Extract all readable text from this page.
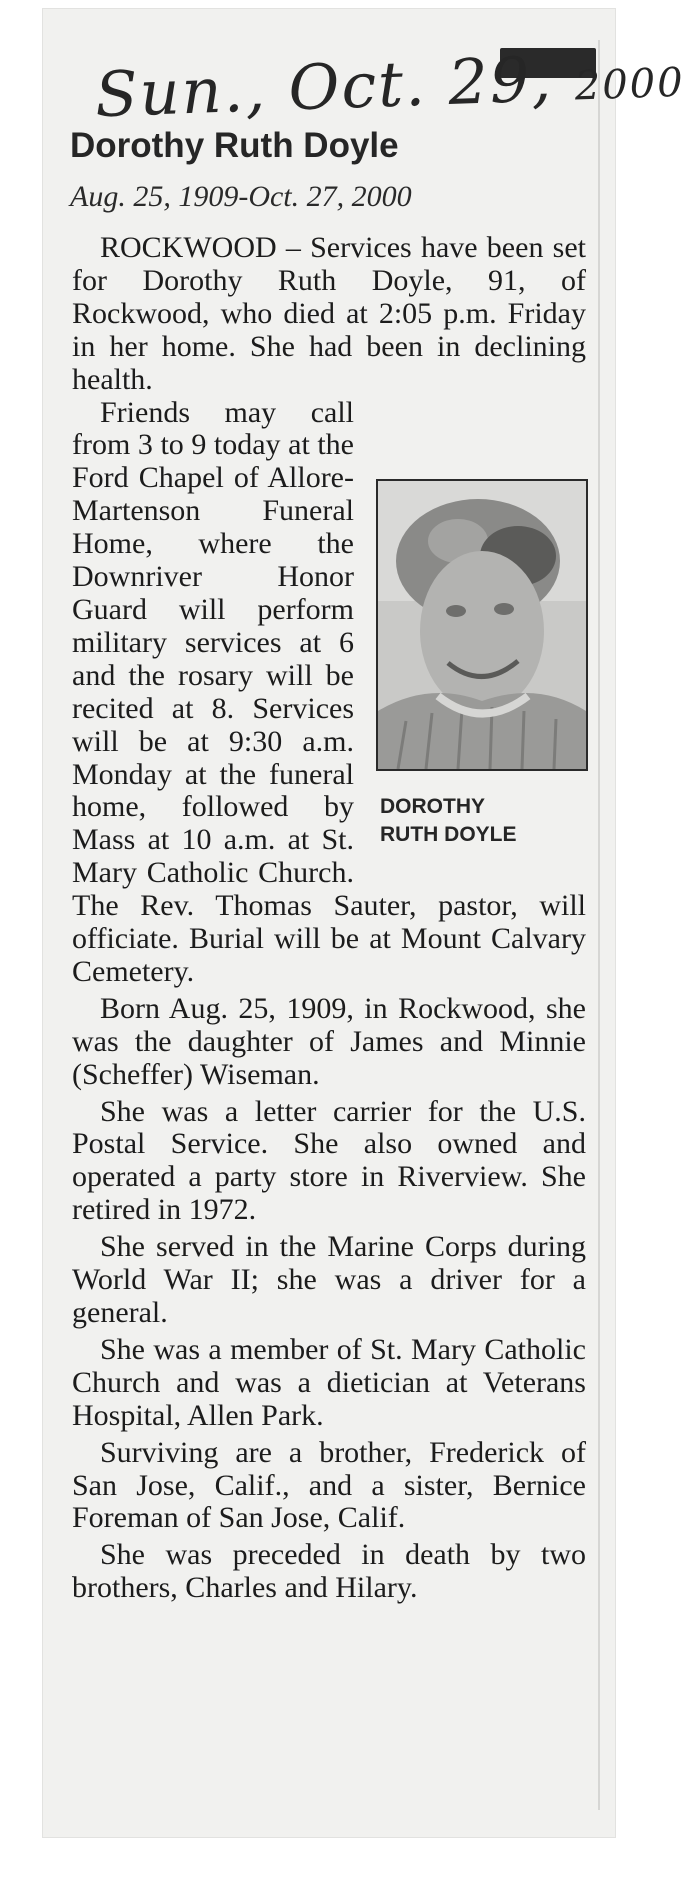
Sun., Oct. 29, 2000
Dorothy Ruth Doyle
Aug. 25, 1909-Oct. 27, 2000

ROCKWOOD – Services have been set for Dorothy Ruth Doyle, 91, of Rockwood, who died at 2:05 p.m. Friday in her home. She had been in declining health.

DOROTHY
RUTH DOYLE

Friends may call from 3 to 9 today at the Ford Chapel of Allore-Martenson Funeral Home, where the Downriver Honor Guard will perform military services at 6 and the rosary will be recited at 8. Services will be at 9:30 a.m. Monday at the funeral home, followed by Mass at 10 a.m. at St. Mary Catholic Church. The Rev. Thomas Sauter, pastor, will officiate. Burial will be at Mount Calvary Cemetery.

Born Aug. 25, 1909, in Rockwood, she was the daughter of James and Minnie (Scheffer) Wiseman.

She was a letter carrier for the U.S. Postal Service. She also owned and operated a party store in Riverview. She retired in 1972.

She served in the Marine Corps during World War II; she was a driver for a general.

She was a member of St. Mary Catholic Church and was a dietician at Veterans Hospital, Allen Park.

Surviving are a brother, Frederick of San Jose, Calif., and a sister, Bernice Foreman of San Jose, Calif.

She was preceded in death by two brothers, Charles and Hilary.
